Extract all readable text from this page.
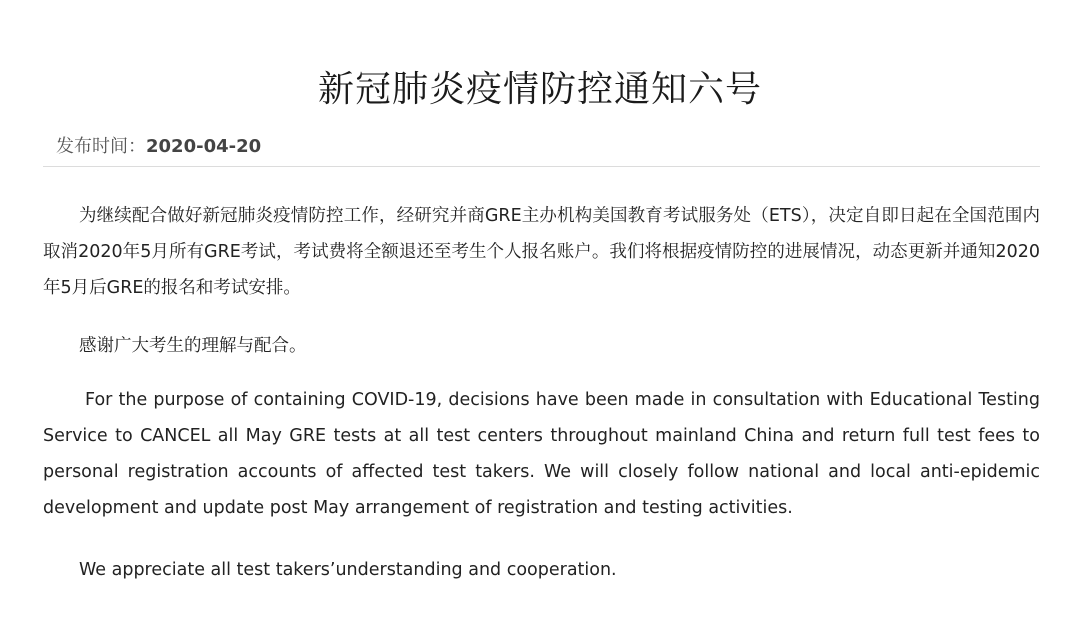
新冠肺炎疫情防控通知六号
发布时间：2020-04-20

为继续配合做好新冠肺炎疫情防控工作，经研究并商GRE主办机构美国教育考试服务处（ETS），决定自即日起在全国范围内取消2020年5月所有GRE考试，考试费将全额退还至考生个人报名账户。我们将根据疫情防控的进展情况，动态更新并通知2020年5月后GRE的报名和考试安排。

感谢广大考生的理解与配合。

For the purpose of containing COVID-19, decisions have been made in consultation with Educational Testing Service to CANCEL all May GRE tests at all test centers throughout mainland China and return full test fees to personal registration accounts of affected test takers. We will closely follow national and local anti-epidemic development and update post May arrangement of registration and testing activities.

We appreciate all test takers’understanding and cooperation.
